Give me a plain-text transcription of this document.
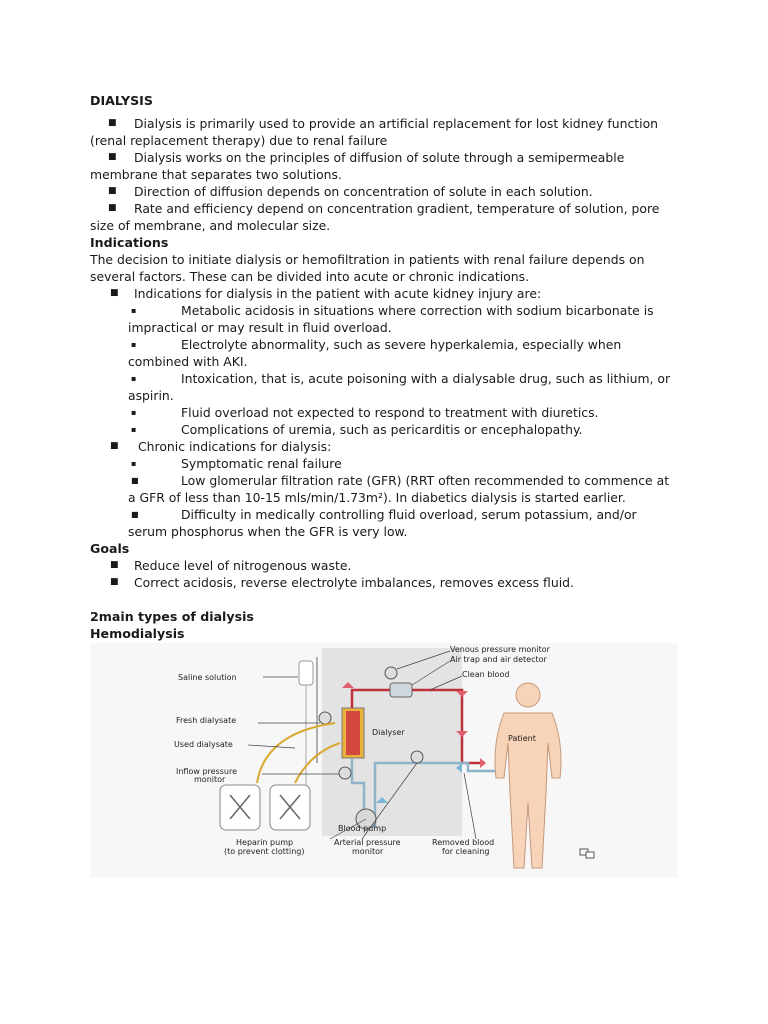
DIALYSIS

■	Dialysis is primarily used to provide an artificial replacement for lost kidney function
(renal replacement therapy) due to renal failure

■	Dialysis works on the principles of diffusion of solute through a semipermeable
membrane that separates two solutions.

■	Direction of diffusion depends on concentration of solute in each solution.

■	Rate and efficiency depend on concentration gradient, temperature of solution, pore
size of membrane, and molecular size.

Indications

The decision to initiate dialysis or hemofiltration in patients with renal failure depends on several factors. These can be divided into acute or chronic indications.

■	Indications for dialysis in the patient with acute kidney injury are:

▪	Metabolic acidosis in situations where correction with sodium bicarbonate is
impractical or may result in fluid overload.

▪	Electrolyte abnormality, such as severe hyperkalemia, especially when
combined with AKI.

▪	Intoxication, that is, acute poisoning with a dialysable drug, such as lithium, or
aspirin.

▪	Fluid overload not expected to respond to treatment with diuretics.

▪	Complications of uremia, such as pericarditis or encephalopathy.

■	Chronic indications for dialysis:

▪	Symptomatic renal failure

■	Low glomerular filtration rate (GFR) (RRT often recommended to commence at
a GFR of less than 10-15 mls/min/1.73m²). In diabetics dialysis is started earlier.

■	Difficulty in medically controlling fluid overload, serum potassium, and/or
serum phosphorus when the GFR is very low.

Goals

■	Reduce level of nitrogenous waste.

■	Correct acidosis, reverse electrolyte imbalances, removes excess fluid.

2main types of dialysis

Hemodialysis

Venous pressure monitor
Air trap and air detector
Clean blood
Saline solution
Fresh dialysate
Dialyser
Used dialysate
Patient
Inflow pressure
monitor
Blood pump
Heparin pump
(to prevent clotting)
Arterial pressure
monitor
Removed blood
for cleaning
